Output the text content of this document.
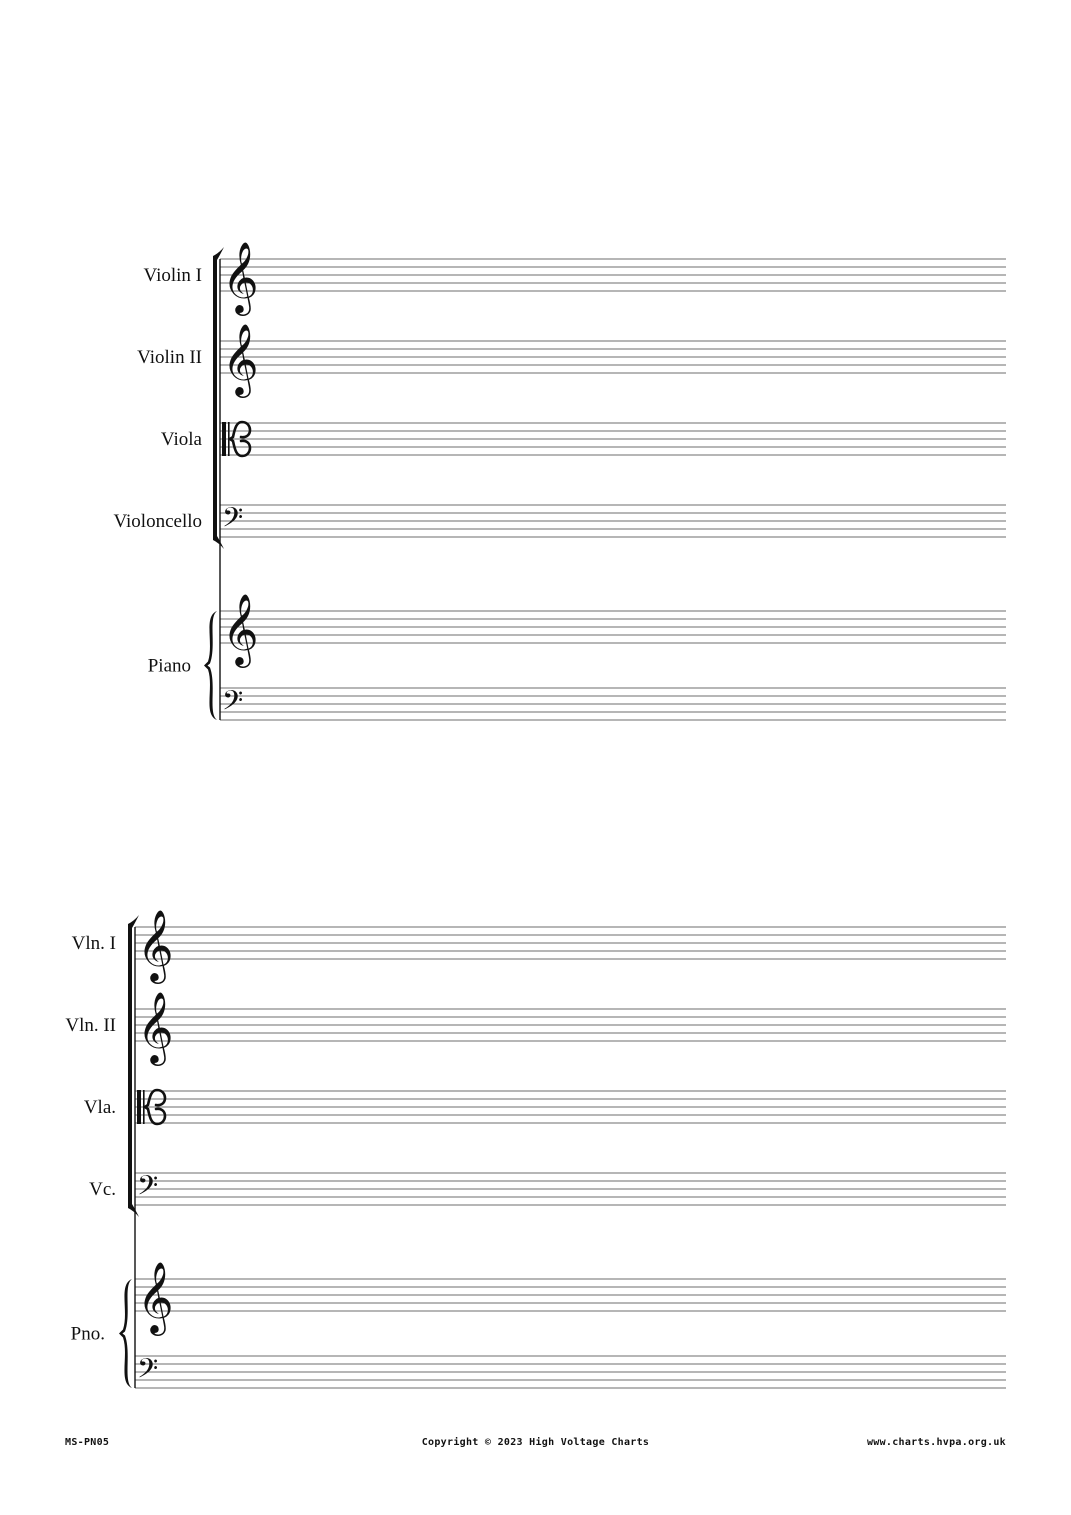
𝄞
Violin I
𝄞
Violin II
Viola
𝄢
Violoncello
𝄞
𝄢
Piano
𝄞
Vln. I
𝄞
Vln. II
Vla.
𝄢
Vc.
𝄞
𝄢
Pno.
MS-PN05	Copyright © 2023 High Voltage Charts	www.charts.hvpa.org.uk
